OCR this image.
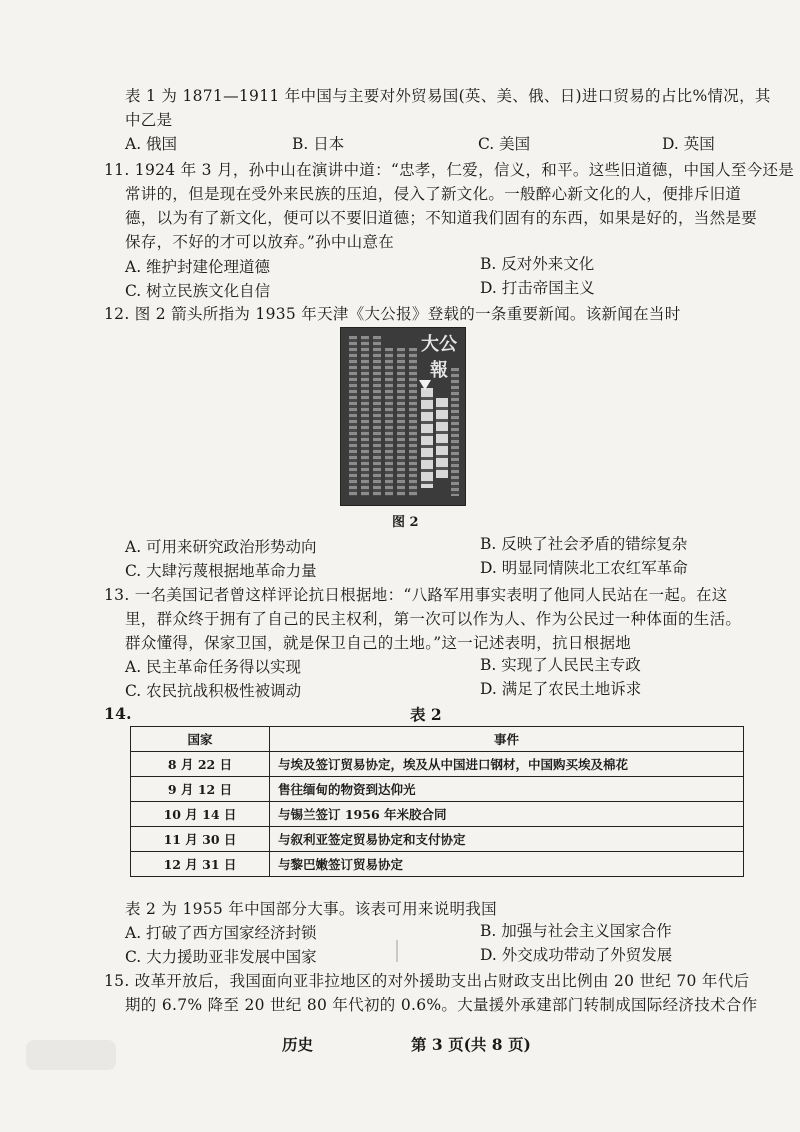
表 1 为 1871—1911 年中国与主要对外贸易国(英、美、俄、日)进口贸易的占比%情况，其
中乙是
A. 俄国	B. 日本	C. 美国	D. 英国
11. 1924 年 3 月，孙中山在演讲中道：“忠孝，仁爱，信义，和平。这些旧道德，中国人至今还是
常讲的，但是现在受外来民族的压迫，侵入了新文化。一般醉心新文化的人，便排斥旧道
德，以为有了新文化，便可以不要旧道德；不知道我们固有的东西，如果是好的，当然是要
保存，不好的才可以放弃。”孙中山意在
A. 维护封建伦理道德	B. 反对外来文化
C. 树立民族文化自信	D. 打击帝国主义
12. 图 2 箭头所指为 1935 年天津《大公报》登载的一条重要新闻。该新闻在当时
大公報
图 2
A. 可用来研究政治形势动向	B. 反映了社会矛盾的错综复杂
C. 大肆污蔑根据地革命力量	D. 明显同情陕北工农红军革命
13. 一名美国记者曾这样评论抗日根据地：“八路军用事实表明了他同人民站在一起。在这
里，群众终于拥有了自己的民主权利，第一次可以作为人、作为公民过一种体面的生活。
群众懂得，保家卫国，就是保卫自己的土地。”这一记述表明，抗日根据地
A. 民主革命任务得以实现	B. 实现了人民民主专政
C. 农民抗战积极性被调动	D. 满足了农民土地诉求
14.	表 2
国家	事件
8 月 22 日	与埃及签订贸易协定，埃及从中国进口钢材，中国购买埃及棉花
9 月 12 日	售往缅甸的物资到达仰光
10 月 14 日	与锡兰签订 1956 年米胶合同
11 月 30 日	与叙利亚签定贸易协定和支付协定
12 月 31 日	与黎巴嫩签订贸易协定
表 2 为 1955 年中国部分大事。该表可用来说明我国
A. 打破了西方国家经济封锁	B. 加强与社会主义国家合作
C. 大力援助亚非发展中国家	D. 外交成功带动了外贸发展
15. 改革开放后，我国面向亚非拉地区的对外援助支出占财政支出比例由 20 世纪 70 年代后
期的 6.7% 降至 20 世纪 80 年代初的 0.6%。大量援外承建部门转制成国际经济技术合作
历史	第 3 页(共 8 页)
